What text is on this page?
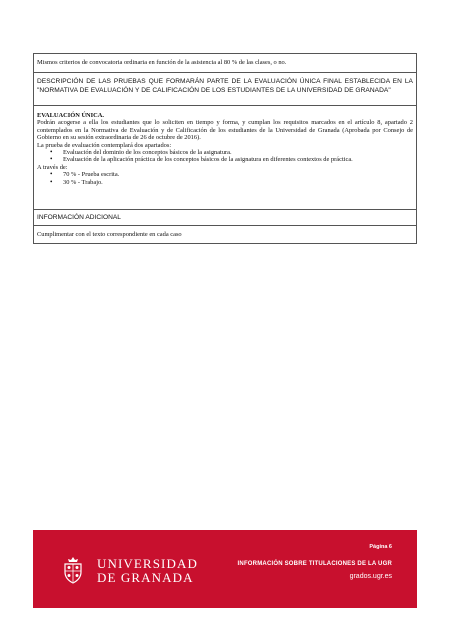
Mismos criterios de convocatoria ordinaria en función de la asistencia al 80 % de las clases, o no.
DESCRIPCIÓN DE LAS PRUEBAS QUE FORMARÁN PARTE DE LA EVALUACIÓN ÚNICA FINAL ESTABLECIDA EN LA "NORMATIVA DE EVALUACIÓN Y DE CALIFICACIÓN DE LOS ESTUDIANTES DE LA UNIVERSIDAD DE GRANADA"
EVALUACIÓN ÚNICA.
Podrán acogerse a ella los estudiantes que lo soliciten en tiempo y forma, y cumplan los requisitos marcados en el artículo 8, apartado 2 contemplados en la Normativa de Evaluación y de Calificación de los estudiantes de la Universidad de Granada (Aprobada por Consejo de Gobierno en su sesión extraordinaria de 26 de octubre de 2016).
La prueba de evaluación contemplará dos apartados:
• Evaluación del dominio de los conceptos básicos de la asignatura.
• Evaluación de la aplicación práctica de los conceptos básicos de la asignatura en diferentes contextos de práctica.
A través de:
• 70 % - Prueba escrita.
• 30 % - Trabajo.
INFORMACIÓN ADICIONAL
Cumplimentar con el texto correspondiente en cada caso
UNIVERSIDAD
DE GRANADA
Página 6
INFORMACIÓN SOBRE TITULACIONES DE LA UGR
grados.ugr.es
